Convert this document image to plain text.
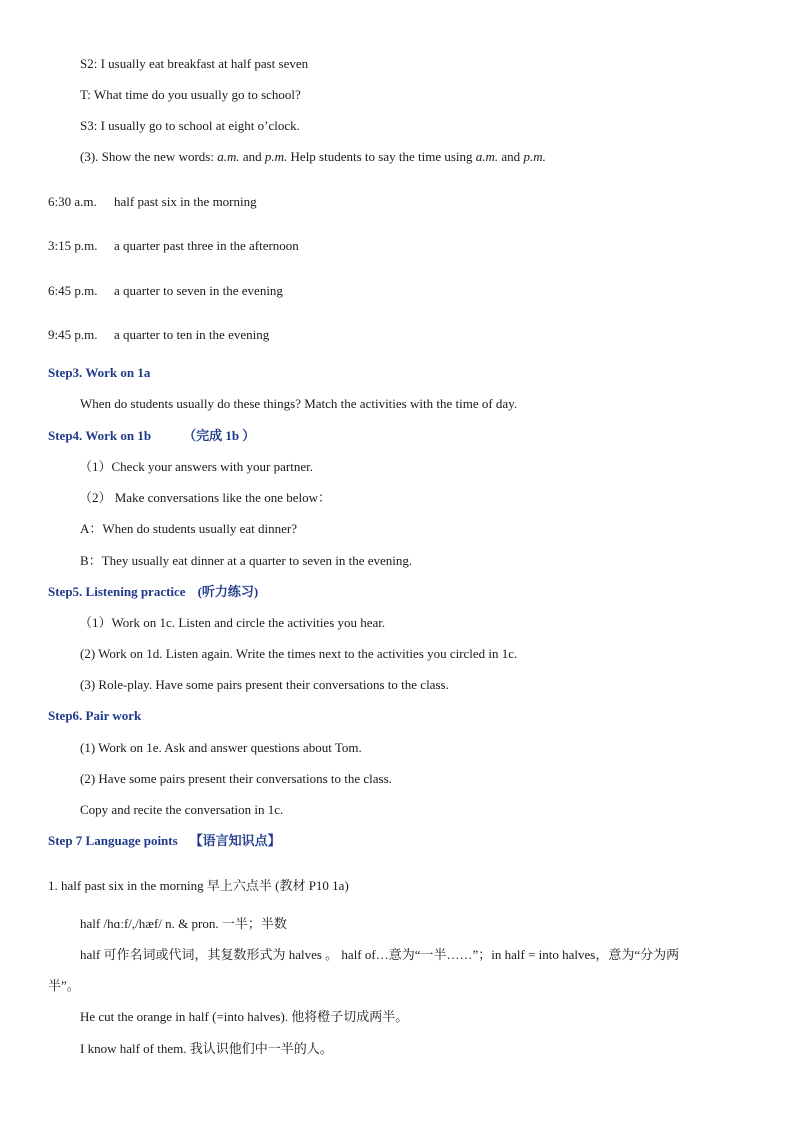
S2: I usually eat breakfast at half past seven
T: What time do you usually go to school?
S3: I usually go to school at eight o’clock.
(3). Show the new words: a.m. and p.m. Help students to say the time using a.m. and p.m.
6:30 a.m. half past six in the morning
3:15 p.m. a quarter past three in the afternoon
6:45 p.m. a quarter to seven in the evening
9:45 p.m. a quarter to ten in the evening
Step3. Work on 1a
When do students usually do these things? Match the activities with the time of day.
Step4. Work on 1b （完成 1b ）
（1）Check your answers with your partner.
（2） Make conversations like the one below：
A：When do students usually eat dinner?
B：They usually eat dinner at a quarter to seven in the evening.
Step5. Listening practice (听力练习)
（1）Work on 1c. Listen and circle the activities you hear.
(2) Work on 1d. Listen again. Write the times next to the activities you circled in 1c.
(3) Role-play. Have some pairs present their conversations to the class.
Step6. Pair work
(1) Work on 1e. Ask and answer questions about Tom.
(2) Have some pairs present their conversations to the class.
Copy and recite the conversation in 1c.
Step 7 Language points 【语言知识点】
1. half past six in the morning 早上六点半 (教材 P10 1a)
half /hɑːf/,/hæf/ n. & pron. 一半；半数
half 可作名词或代词，其复数形式为 halves 。 half of…意为“一半……”；in half = into halves，意为“分为两
半”。
He cut the orange in half (=into halves). 他将橙子切成两半。
I know half of them. 我认识他们中一半的人。
